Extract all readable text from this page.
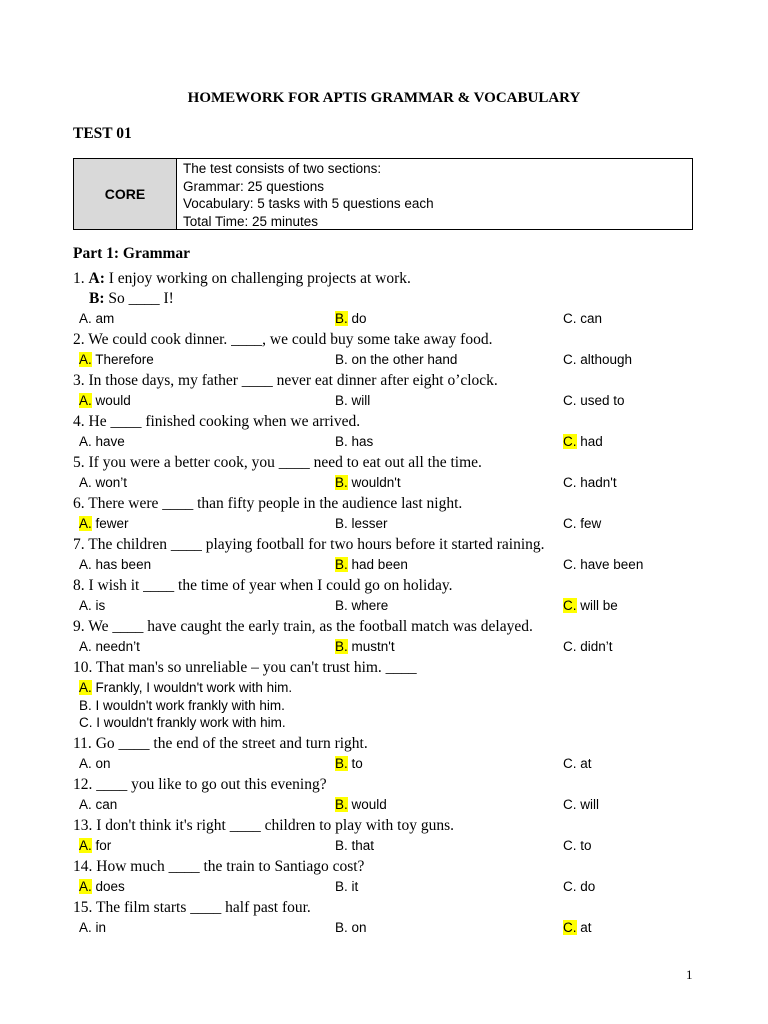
HOMEWORK FOR APTIS GRAMMAR & VOCABULARY
TEST 01
CORE
The test consists of two sections:
Grammar: 25 questions
Vocabulary: 5 tasks with 5 questions each
Total Time: 25 minutes
Part 1: Grammar
1. A: I enjoy working on challenging projects at work.
B: So ____ I!
A. am	B. do	C. can
2. We could cook dinner. ____, we could buy some take away food.
A. Therefore	B. on the other hand	C. although
3. In those days, my father ____ never eat dinner after eight o’clock.
A. would	B. will	C. used to
4. He ____ finished cooking when we arrived.
A. have	B. has	C. had
5. If you were a better cook, you ____ need to eat out all the time.
A. won’t	B. wouldn't	C. hadn't
6. There were ____ than fifty people in the audience last night.
A. fewer	B. lesser	C. few
7. The children ____ playing football for two hours before it started raining.
A. has been	B. had been	C. have been
8. I wish it ____ the time of year when I could go on holiday.
A. is	B. where	C. will be
9. We ____ have caught the early train, as the football match was delayed.
A. needn’t	B. mustn't	C. didn’t
10. That man's so unreliable – you can't trust him. ____
A. Frankly, I wouldn't work with him.
B. I wouldn't work frankly with him.
C. I wouldn't frankly work with him.
11. Go ____ the end of the street and turn right.
A. on	B. to	C. at
12. ____ you like to go out this evening?
A. can	B. would	C. will
13. I don't think it's right ____ children to play with toy guns.
A. for	B. that	C. to
14. How much ____ the train to Santiago cost?
A. does	B. it	C. do
15. The film starts ____ half past four.
A. in	B. on	C. at
1
